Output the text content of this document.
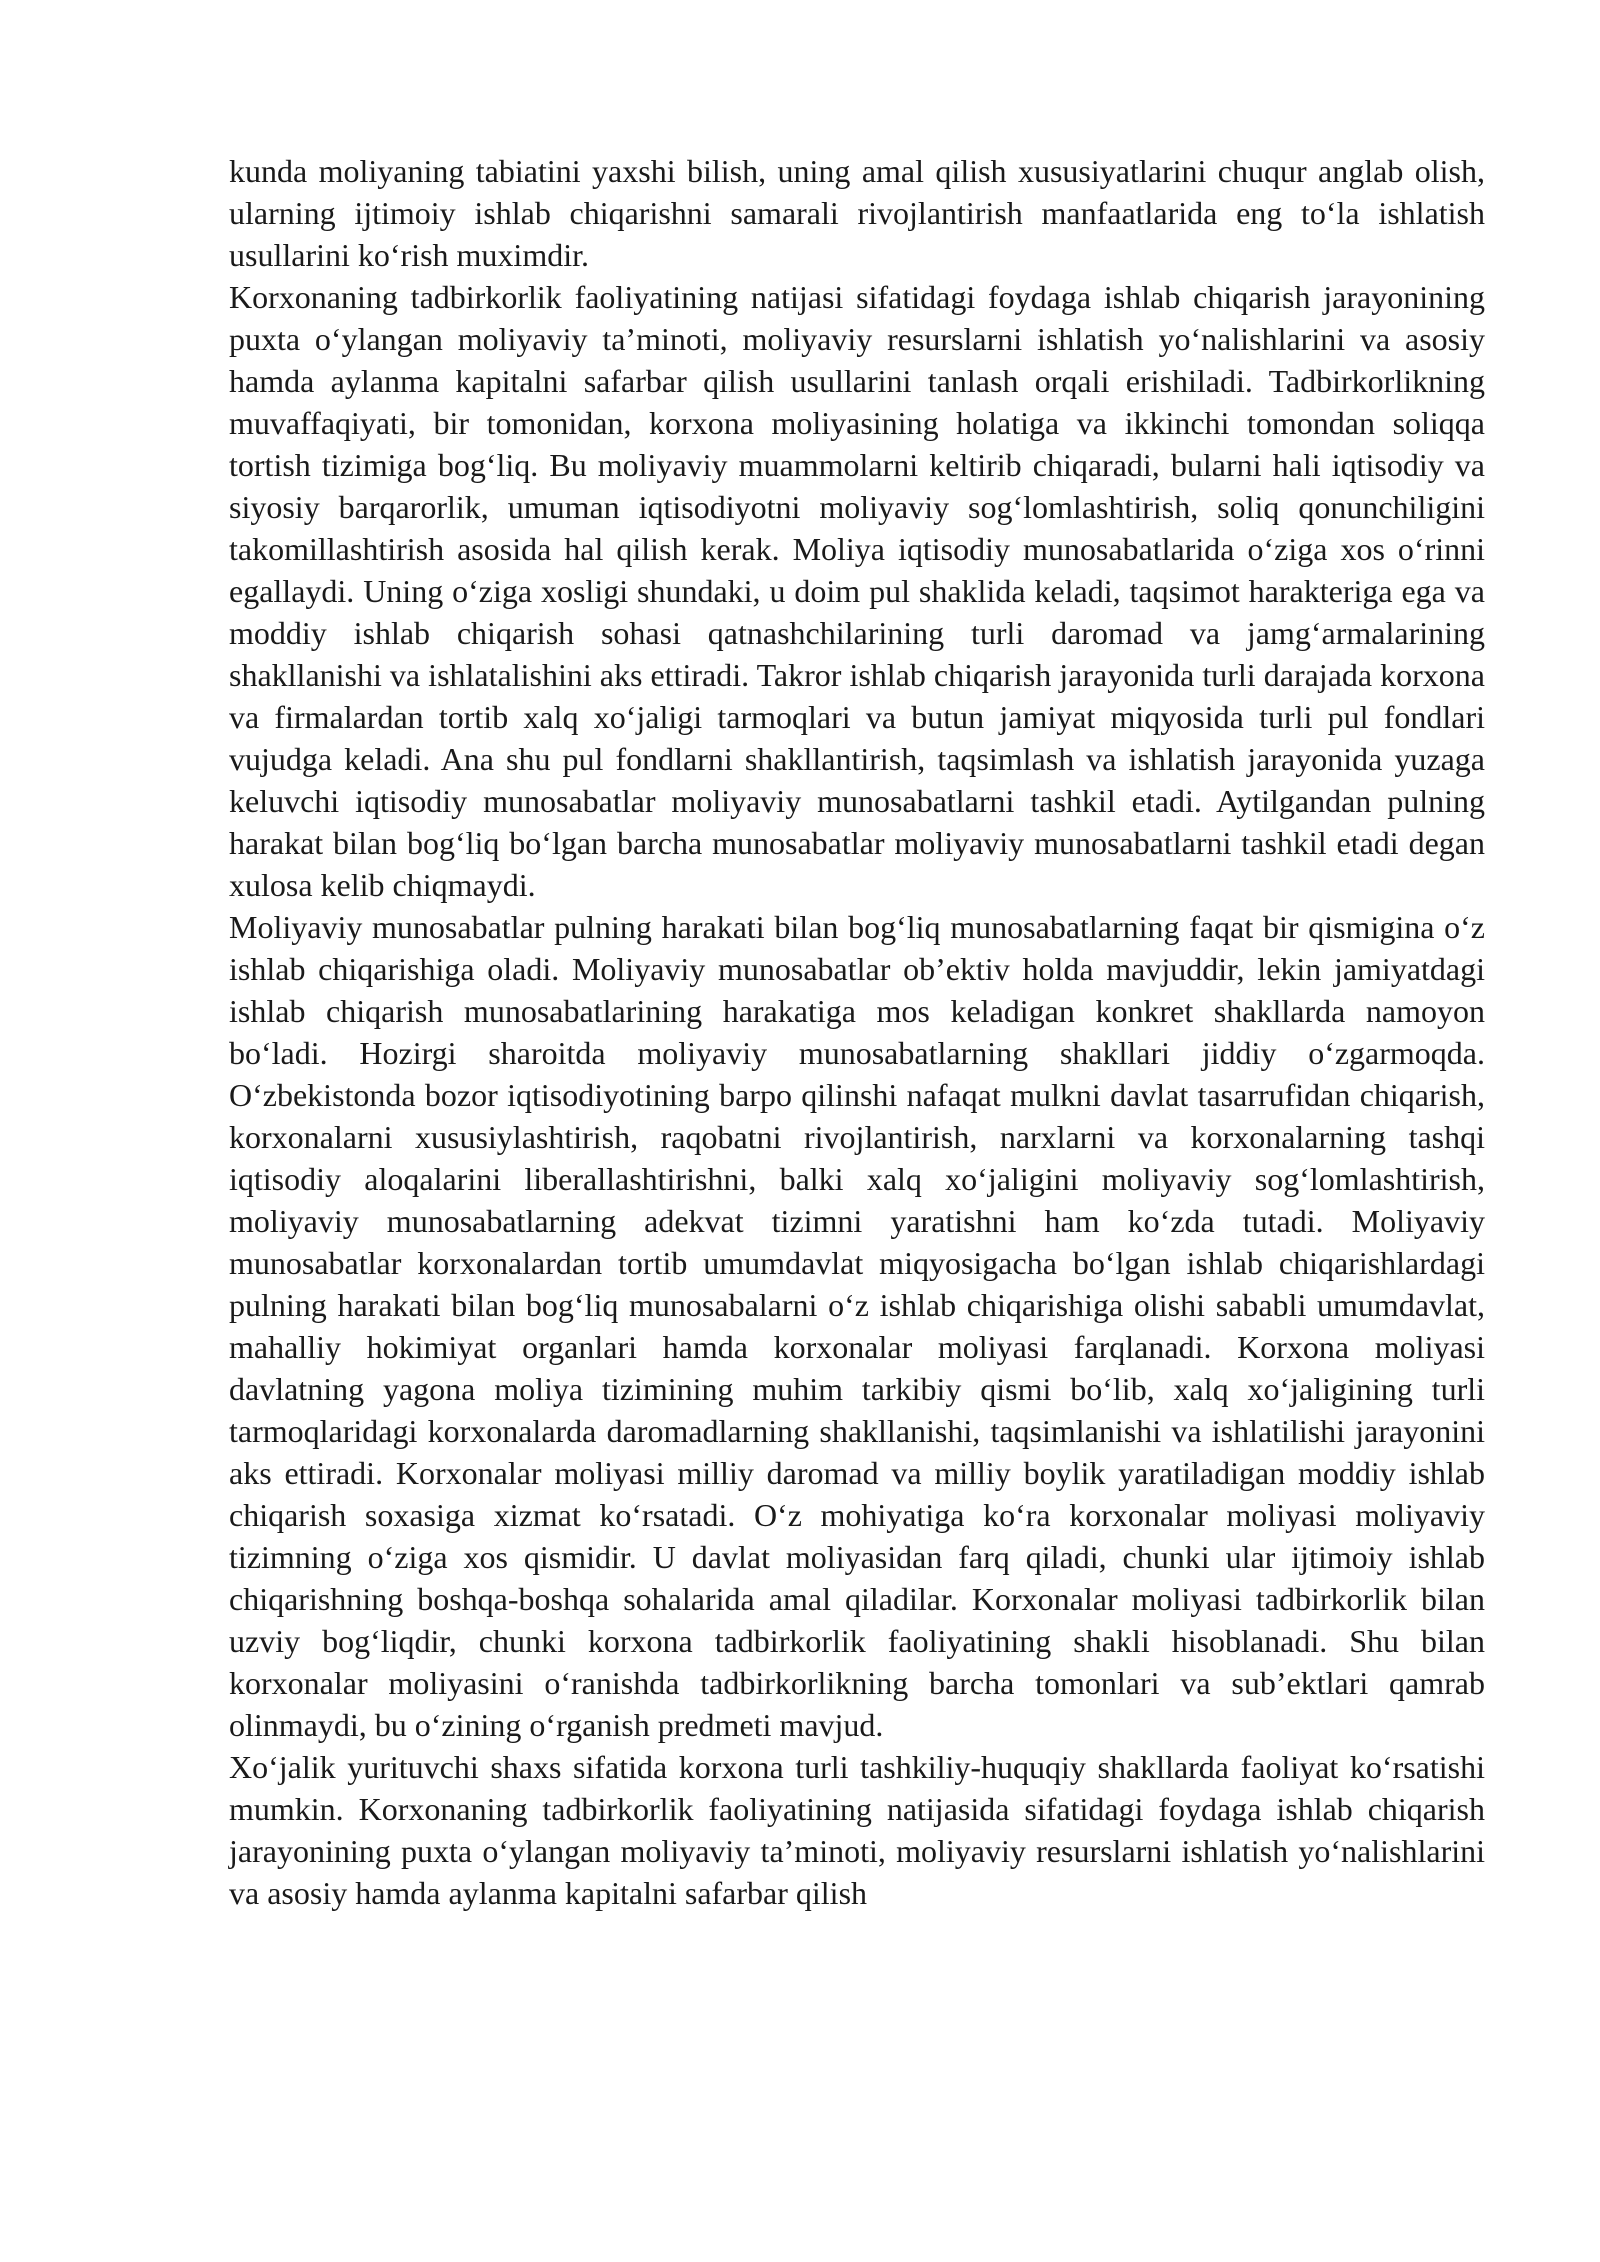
kunda moliyaning tabiatini yaxshi bilish, uning amal qilish xususiyatlarini chuqur anglab olish, ularning ijtimoiy ishlab chiqarishni samarali rivojlantirish manfaatlarida eng to‘la ishlatish usullarini ko‘rish muximdir.

Korxonaning tadbirkorlik faoliyatining natijasi sifatidagi foydaga ishlab chiqarish jarayonining puxta o‘ylangan moliyaviy ta’minoti, moliyaviy resurslarni ishlatish yo‘nalishlarini va asosiy hamda aylanma kapitalni safarbar qilish usullarini tanlash orqali erishiladi. Tadbirkorlikning muvaffaqiyati, bir tomonidan, korxona moliyasining holatiga va ikkinchi tomondan soliqqa tortish tizimiga bog‘liq. Bu moliyaviy muammolarni keltirib chiqaradi, bularni hali iqtisodiy va siyosiy barqarorlik, umuman iqtisodiyotni moliyaviy sog‘lomlashtirish, soliq qonunchiligini takomillashtirish asosida hal qilish kerak. Moliya iqtisodiy munosabatlarida o‘ziga xos o‘rinni egallaydi. Uning o‘ziga xosligi shundaki, u doim pul shaklida keladi, taqsimot harakteriga ega va moddiy ishlab chiqarish sohasi qatnashchilarining turli daromad va jamg‘armalarining shakllanishi va ishlatalishini aks ettiradi. Takror ishlab chiqarish jarayonida turli darajada korxona va firmalardan tortib xalq xo‘jaligi tarmoqlari va butun jamiyat miqyosida turli pul fondlari vujudga keladi. Ana shu pul fondlarni shakllantirish, taqsimlash va ishlatish jarayonida yuzaga keluvchi iqtisodiy munosabatlar moliyaviy munosabatlarni tashkil etadi. Aytilgandan pulning harakat bilan bog‘liq bo‘lgan barcha munosabatlar moliyaviy munosabatlarni tashkil etadi degan xulosa kelib chiqmaydi.

Moliyaviy munosabatlar pulning harakati bilan bog‘liq munosabatlarning faqat bir qismigina o‘z ishlab chiqarishiga oladi. Moliyaviy munosabatlar ob’ektiv holda mavjuddir, lekin jamiyatdagi ishlab chiqarish munosabatlarining harakatiga mos keladigan konkret shakllarda namoyon bo‘ladi. Hozirgi sharoitda moliyaviy munosabatlarning shakllari jiddiy o‘zgarmoqda. O‘zbekistonda bozor iqtisodiyotining barpo qilinshi nafaqat mulkni davlat tasarrufidan chiqarish, korxonalarni xususiylashtirish, raqobatni rivojlantirish, narxlarni va korxonalarning tashqi iqtisodiy aloqalarini liberallashtirishni, balki xalq xo‘jaligini moliyaviy sog‘lomlashtirish, moliyaviy munosabatlarning adekvat tizimni yaratishni ham ko‘zda tutadi. Moliyaviy munosabatlar korxonalardan tortib umumdavlat miqyosigacha bo‘lgan ishlab chiqarishlardagi pulning harakati bilan bog‘liq munosabalarni o‘z ishlab chiqarishiga olishi sababli umumdavlat, mahalliy hokimiyat organlari hamda korxonalar moliyasi farqlanadi. Korxona moliyasi davlatning yagona moliya tizimining muhim tarkibiy qismi bo‘lib, xalq xo‘jaligining turli tarmoqlaridagi korxonalarda daromadlarning shakllanishi, taqsimlanishi va ishlatilishi jarayonini aks ettiradi. Korxonalar moliyasi milliy daromad va milliy boylik yaratiladigan moddiy ishlab chiqarish soxasiga xizmat ko‘rsatadi. O‘z mohiyatiga ko‘ra korxonalar moliyasi moliyaviy tizimning o‘ziga xos qismidir. U davlat moliyasidan farq qiladi, chunki ular ijtimoiy ishlab chiqarishning boshqa-boshqa sohalarida amal qiladilar. Korxonalar moliyasi tadbirkorlik bilan uzviy bog‘liqdir, chunki korxona tadbirkorlik faoliyatining shakli hisoblanadi. Shu bilan korxonalar moliyasini o‘ranishda tadbirkorlikning barcha tomonlari va sub’ektlari qamrab olinmaydi, bu o‘zining o‘rganish predmeti mavjud.

Xo‘jalik yurituvchi shaxs sifatida korxona turli tashkiliy-huquqiy shakllarda faoliyat ko‘rsatishi mumkin. Korxonaning tadbirkorlik faoliyatining natijasida sifatidagi foydaga ishlab chiqarish jarayonining puxta o‘ylangan moliyaviy ta’minoti, moliyaviy resurslarni ishlatish yo‘nalishlarini va asosiy hamda aylanma kapitalni safarbar qilish
